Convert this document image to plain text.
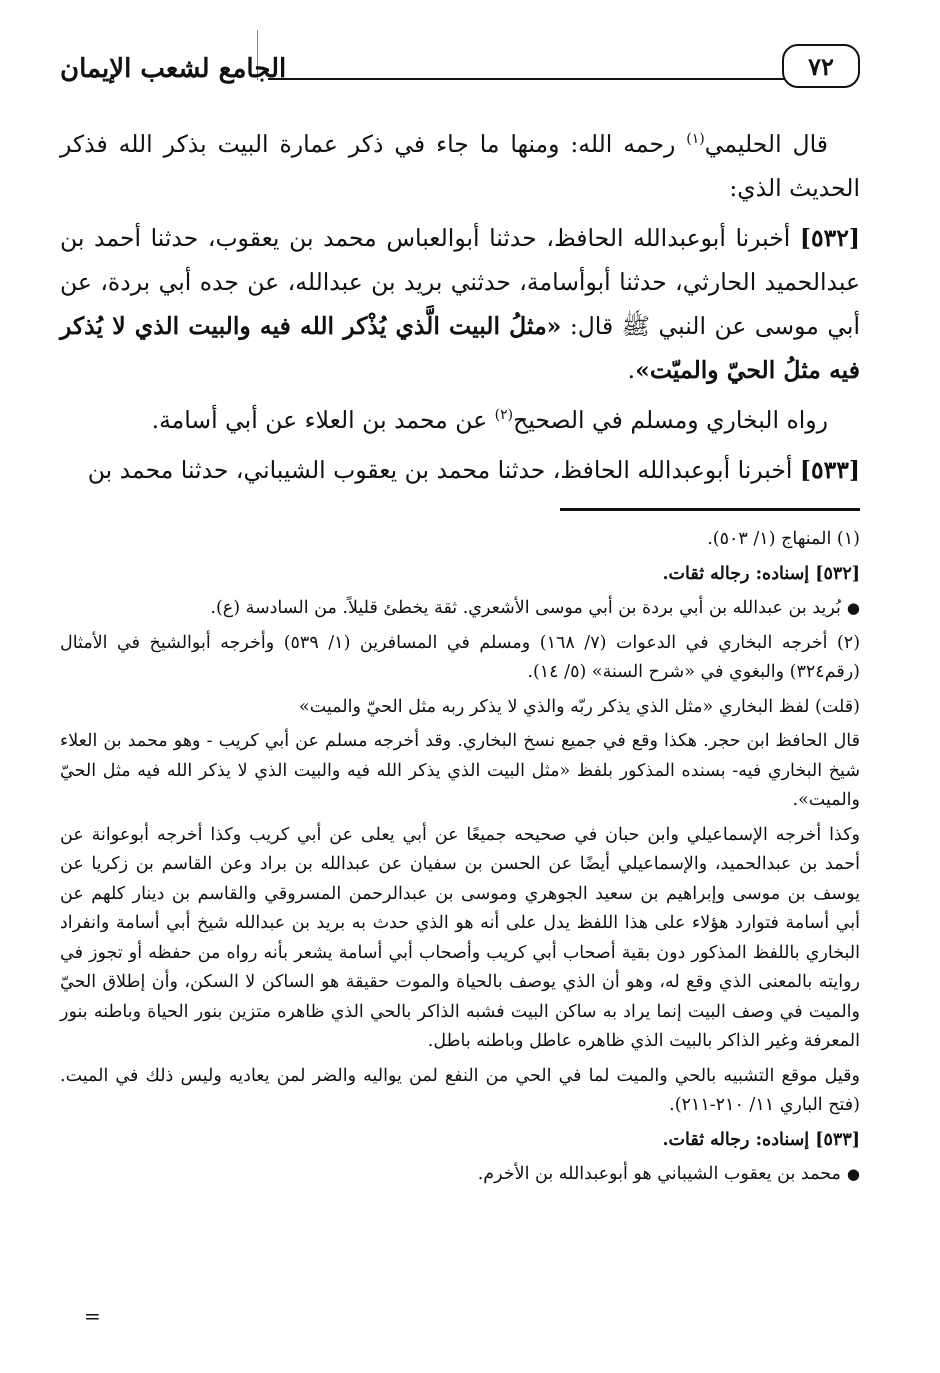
٧٢
الجامع لشعب الإيمان

قال الحليمي$^{(١)}$ رحمه الله: ومنها ما جاء في ذكر عمارة البيت بذكر الله فذكر الحديث الذي:

[٥٣٢] أخبرنا أبوعبدالله الحافظ، حدثنا أبوالعباس محمد بن يعقوب، حدثنا أحمد بن عبدالحميد الحارثي، حدثنا أبوأسامة، حدثني بريد بن عبدالله، عن جده أبي بردة، عن أبي موسى عن النبي ﷺ قال: «مثلُ البيت الَّذي يُذْكر الله فيه والبيت الذي لا يُذكر فيه مثلُ الحيّ والميّت».

رواه البخاري ومسلم في الصحيح$^{(٢)}$ عن محمد بن العلاء عن أبي أسامة.

[٥٣٣] أخبرنا أبوعبدالله الحافظ، حدثنا محمد بن يعقوب الشيباني، حدثنا محمد بن

(١) المنهاج (١/ ٥٠٣).

[٥٣٢] إسناده: رجاله ثقات.

●بُريد بن عبدالله بن أبي بردة بن أبي موسى الأشعري. ثقة يخطئ قليلاً. من السادسة (ع).

(٢) أخرجه البخاري في الدعوات (٧/ ١٦٨) ومسلم في المسافرين (١/ ٥٣٩) وأخرجه أبوالشيخ في الأمثال (رقم٣٢٤) والبغوي في «شرح السنة» (٥/ ١٤).

(قلت) لفظ البخاري «مثل الذي يذكر ربّه والذي لا يذكر ربه مثل الحيّ والميت»

قال الحافظ ابن حجر. هكذا وقع في جميع نسخ البخاري. وقد أخرجه مسلم عن أبي كريب - وهو محمد بن العلاء شيخ البخاري فيه- بسنده المذكور بلفظ «مثل البيت الذي يذكر الله فيه والبيت الذي لا يذكر الله فيه مثل الحيّ والميت».

وكذا أخرجه الإسماعيلي وابن حبان في صحيحه جميعًا عن أبي يعلى عن أبي كريب وكذا أخرجه أبوعوانة عن أحمد بن عبدالحميد، والإسماعيلي أيضًا عن الحسن بن سفيان عن عبدالله بن براد وعن القاسم بن زكريا عن يوسف بن موسى وإبراهيم بن سعيد الجوهري وموسى بن عبدالرحمن المسروقي والقاسم بن دينار كلهم عن أبي أسامة فتوارد هؤلاء على هذا اللفظ يدل على أنه هو الذي حدث به بريد بن عبدالله شيخ أبي أسامة وانفراد البخاري باللفظ المذكور دون بقية أصحاب أبي كريب وأصحاب أبي أسامة يشعر بأنه رواه من حفظه أو تجوز في روايته بالمعنى الذي وقع له، وهو أن الذي يوصف بالحياة والموت حقيقة هو الساكن لا السكن، وأن إطلاق الحيّ والميت في وصف البيت إنما يراد به ساكن البيت فشبه الذاكر بالحي الذي ظاهره متزين بنور الحياة وباطنه بنور المعرفة وغير الذاكر بالبيت الذي ظاهره عاطل وباطنه باطل.

وقيل موقع التشبيه بالحي والميت لما في الحي من النفع لمن يواليه والضر لمن يعاديه وليس ذلك في الميت. (فتح الباري ١١/ ٢١٠-٢١١).

[٥٣٣] إسناده: رجاله ثقات.

●محمد بن يعقوب الشيباني هو أبوعبدالله بن الأخرم.

=
